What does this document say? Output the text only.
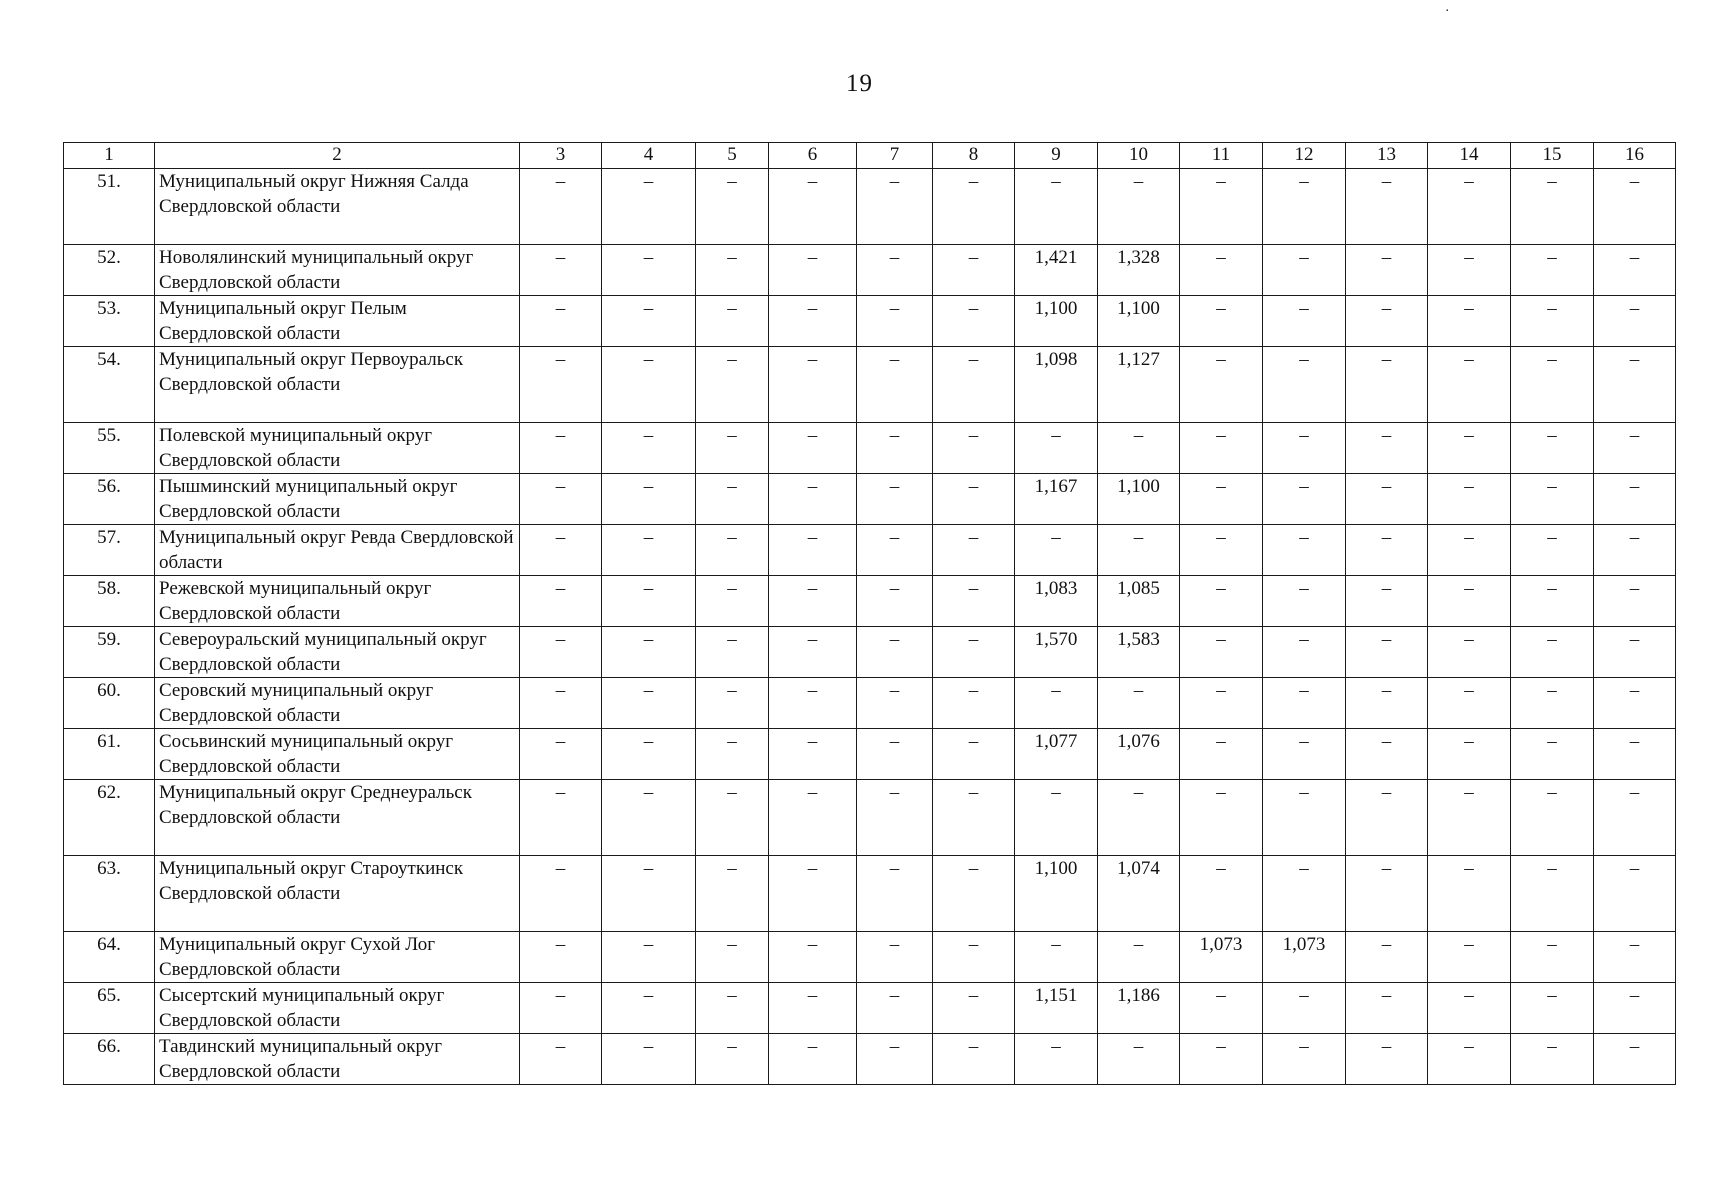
.
19
1	2	3	4	5	6	7	8	9	10	11	12	13	14	15	16
51.	Муниципальный округ Нижняя Салда Свердловской области	–	–	–	–	–	–	–	–	–	–	–	–	–	–
52.	Новолялинский муниципальный округ Свердловской области	–	–	–	–	–	–	1,421	1,328	–	–	–	–	–	–
53.	Муниципальный округ Пелым Свердловской области	–	–	–	–	–	–	1,100	1,100	–	–	–	–	–	–
54.	Муниципальный округ Первоуральск Свердловской области	–	–	–	–	–	–	1,098	1,127	–	–	–	–	–	–
55.	Полевской муниципальный округ Свердловской области	–	–	–	–	–	–	–	–	–	–	–	–	–	–
56.	Пышминский муниципальный округ Свердловской области	–	–	–	–	–	–	1,167	1,100	–	–	–	–	–	–
57.	Муниципальный округ Ревда Свердловской области	–	–	–	–	–	–	–	–	–	–	–	–	–	–
58.	Режевской муниципальный округ Свердловской области	–	–	–	–	–	–	1,083	1,085	–	–	–	–	–	–
59.	Североуральский муниципальный округ Свердловской области	–	–	–	–	–	–	1,570	1,583	–	–	–	–	–	–
60.	Серовский муниципальный округ Свердловской области	–	–	–	–	–	–	–	–	–	–	–	–	–	–
61.	Сосьвинский муниципальный округ Свердловской области	–	–	–	–	–	–	1,077	1,076	–	–	–	–	–	–
62.	Муниципальный округ Среднеуральск Свердловской области	–	–	–	–	–	–	–	–	–	–	–	–	–	–
63.	Муниципальный округ Староуткинск Свердловской области	–	–	–	–	–	–	1,100	1,074	–	–	–	–	–	–
64.	Муниципальный округ Сухой Лог Свердловской области	–	–	–	–	–	–	–	–	1,073	1,073	–	–	–	–
65.	Сысертский муниципальный округ Свердловской области	–	–	–	–	–	–	1,151	1,186	–	–	–	–	–	–
66.	Тавдинский муниципальный округ Свердловской области	–	–	–	–	–	–	–	–	–	–	–	–	–	–
